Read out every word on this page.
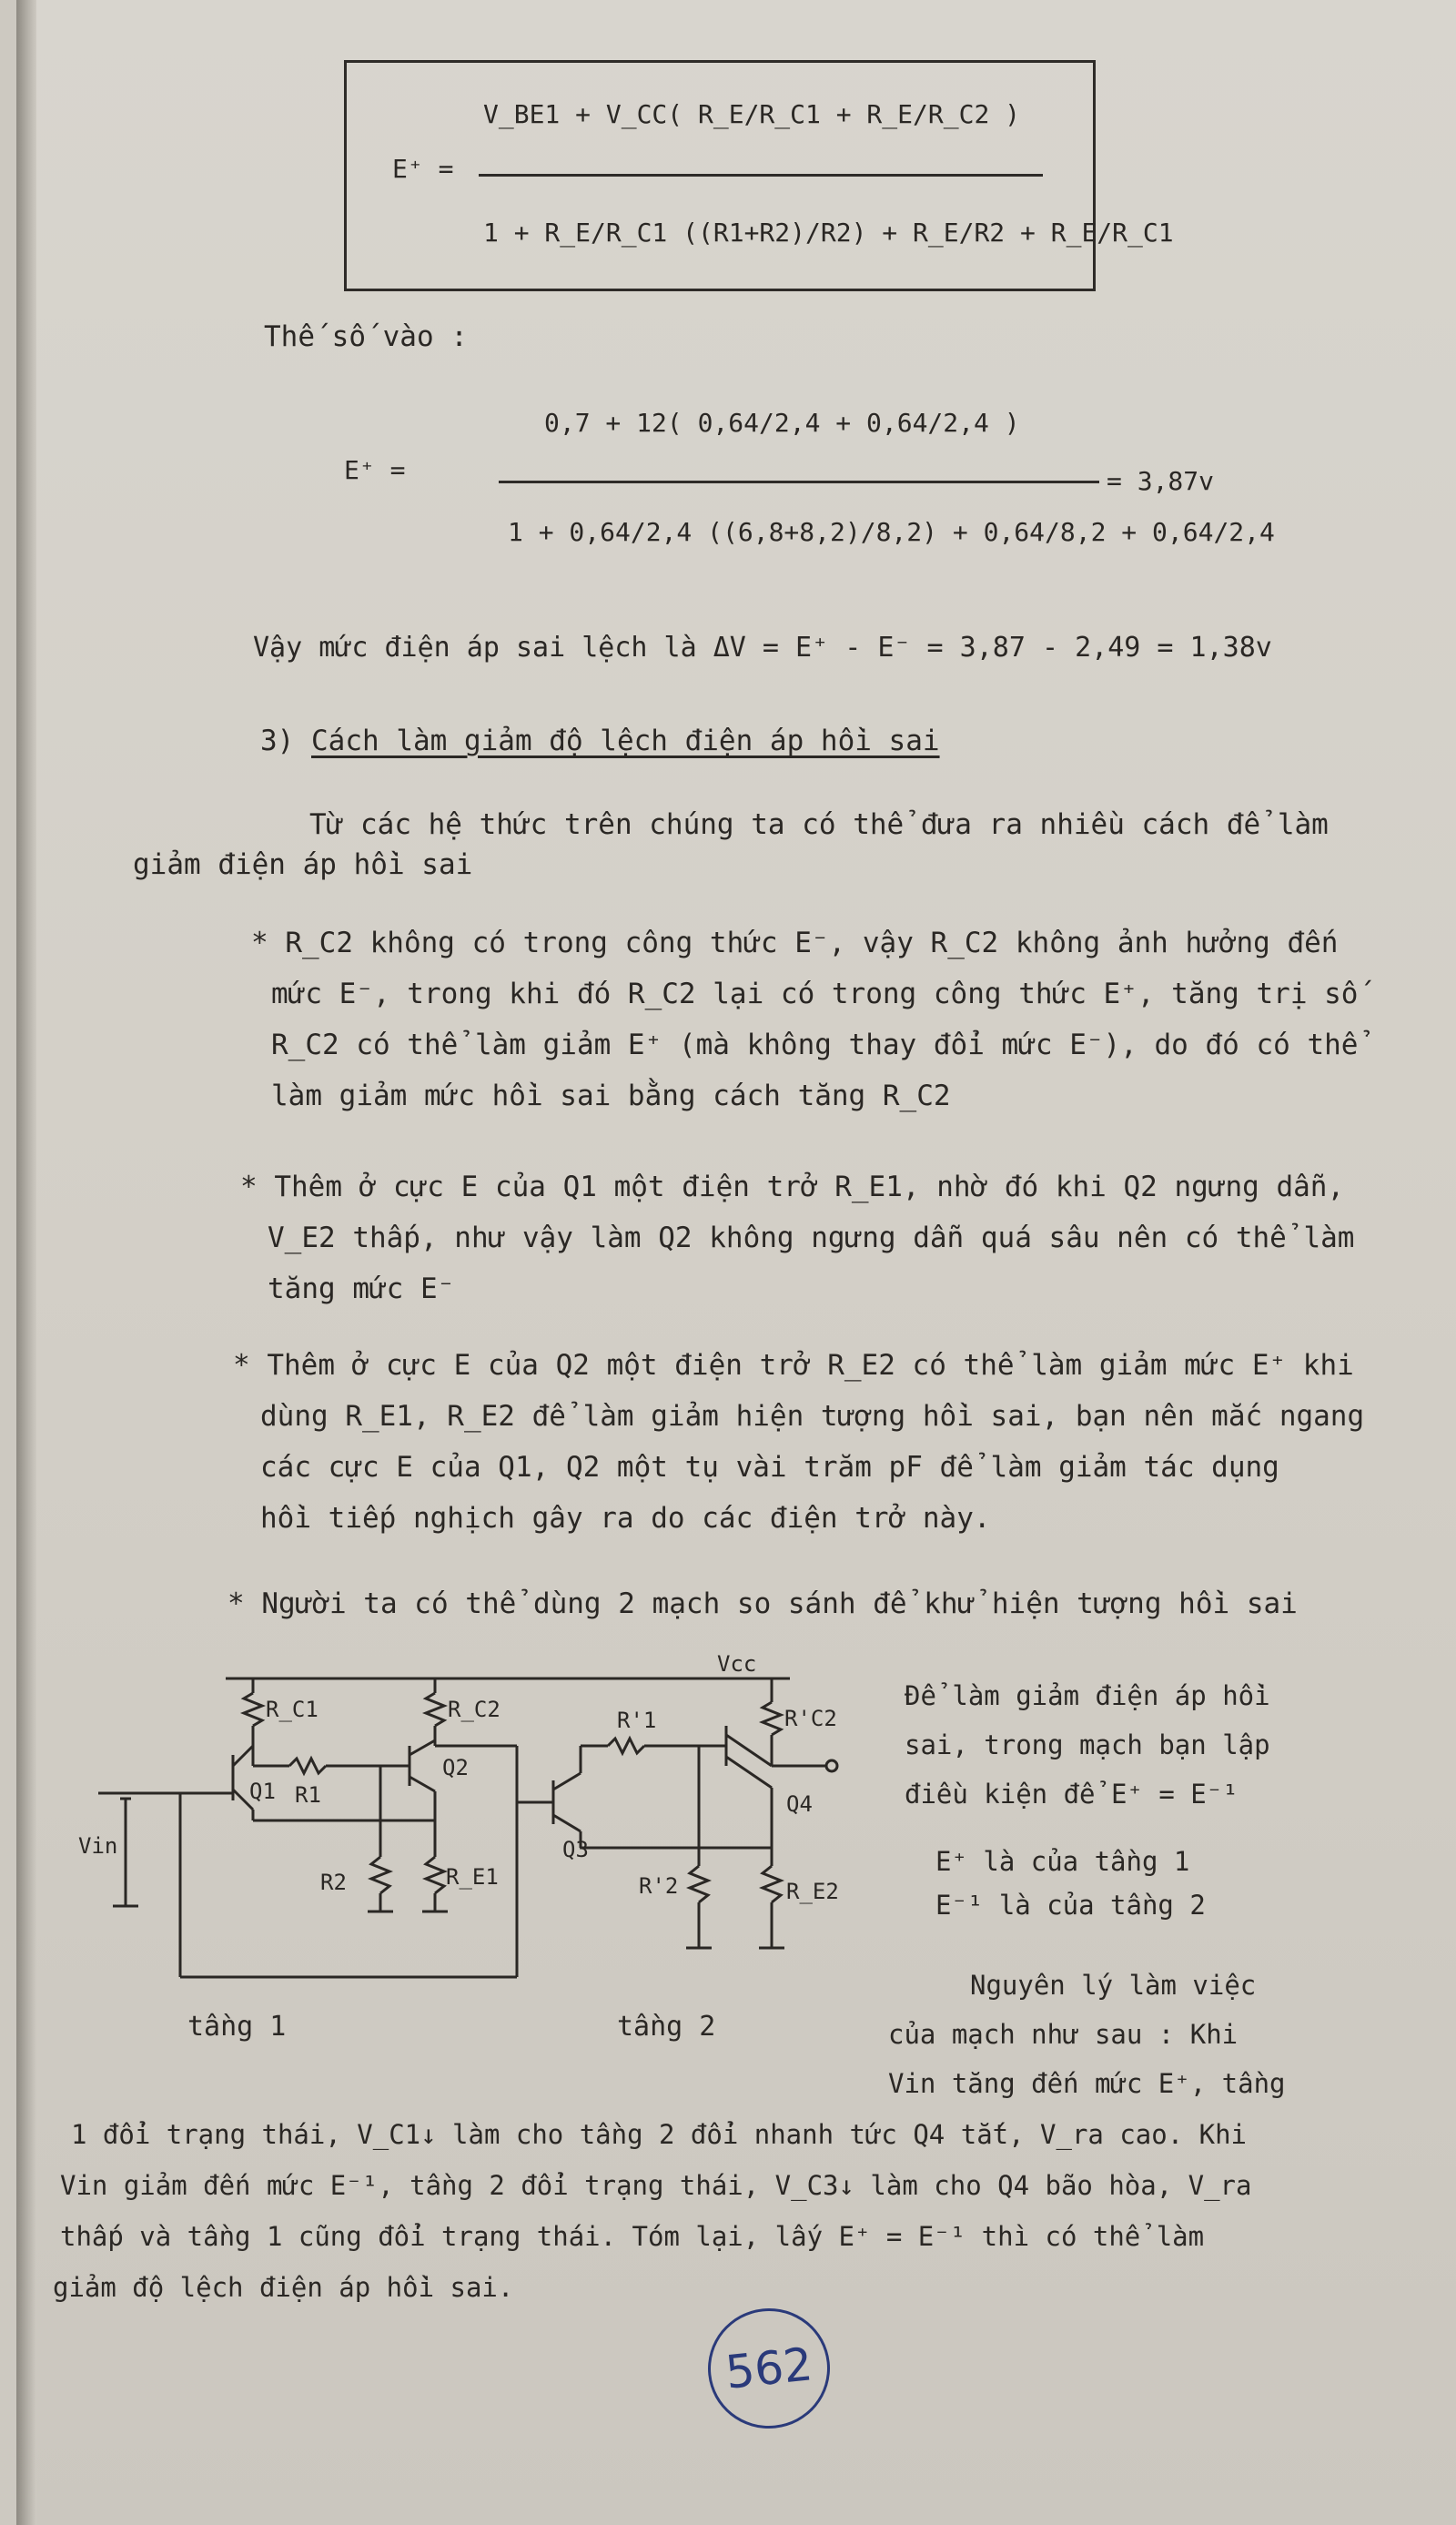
E⁺ =
V_BE1 + V_CC( R_E/R_C1 + R_E/R_C2 )
1 + R_E/R_C1 ((R1+R2)/R2) + R_E/R2 + R_E/R_C1
Thế số vào :
E⁺ =
0,7 + 12( 0,64/2,4 + 0,64/2,4 )
1 + 0,64/2,4 ((6,8+8,2)/8,2) + 0,64/8,2 + 0,64/2,4
= 3,87v
Vậy mức điện áp sai lệch là ΔV = E⁺ - E⁻ = 3,87 - 2,49 = 1,38v
3) Cách làm giảm độ lệch điện áp hồi sai
Từ các hệ thức trên chúng ta có thể đưa ra nhiều cách để làm
giảm điện áp hồi sai
* R_C2 không có trong công thức E⁻, vậy R_C2 không ảnh hưởng đến
mức E⁻, trong khi đó R_C2 lại có trong công thức E⁺, tăng trị số
R_C2 có thể làm giảm E⁺ (mà không thay đổi mức E⁻), do đó có thể
làm giảm mức hồi sai bằng cách tăng R_C2
* Thêm ở cực E của Q1 một điện trở R_E1, nhờ đó khi Q2 ngưng dẫn,
V_E2 thấp, như vậy làm Q2 không ngưng dẫn quá sâu nên có thể làm
tăng mức E⁻
* Thêm ở cực E của Q2 một điện trở R_E2 có thể làm giảm mức E⁺ khi
dùng R_E1, R_E2 để làm giảm hiện tượng hồi sai, bạn nên mắc ngang
các cực E của Q1, Q2 một tụ vài trăm pF để làm giảm tác dụng
hồi tiếp nghịch gây ra do các điện trở này.
* Người ta có thể dùng 2 mạch so sánh để khử hiện tượng hồi sai
Vcc
R_C1	R_C2
R1
Q1
Q2
R2	R_E1
Vin
R'1
Q3
R'C2
Q4
R'2	R_E2
tầng 1	tầng 2
Để làm giảm điện áp hồi
sai, trong mạch bạn lập
điều kiện để E⁺ = E⁻¹
E⁺ là của tầng 1
E⁻¹ là của tầng 2
Nguyên lý làm việc
của mạch như sau : Khi
Vin tăng đến mức E⁺, tầng
1 đổi trạng thái, V_C1↓ làm cho tầng 2 đổi nhanh tức Q4 tắt, V_ra cao. Khi
Vin giảm đến mức E⁻¹, tầng 2 đổi trạng thái, V_C3↓ làm cho Q4 bão hòa, V_ra
thấp và tầng 1 cũng đổi trạng thái. Tóm lại, lấy E⁺ = E⁻¹ thì có thể làm
giảm độ lệch điện áp hồi sai.
562
